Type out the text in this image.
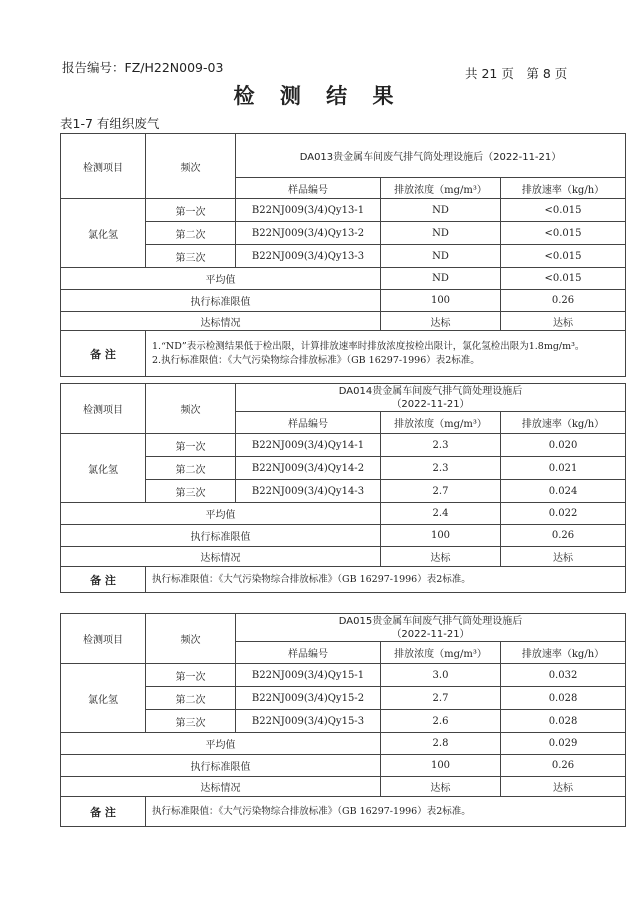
报告编号：FZ/H22N009-03	共 21 页　第 8 页
检 测 结 果
表1-7 有组织废气
检测项目	频次	DA013贵金属车间废气排气筒处理设施后（2022-11-21）		
		样品编号	排放浓度（mg/m³）	排放速率（kg/h）
氯化氢	第一次	B22NJ009(3/4)Qy13-1	ND	<0.015
	第二次	B22NJ009(3/4)Qy13-2	ND	<0.015
	第三次	B22NJ009(3/4)Qy13-3	ND	<0.015
平均值			ND	<0.015
执行标准限值			100	0.26
达标情况			达标	达标
备 注	1.“ND”表示检测结果低于检出限，计算排放速率时排放浓度按检出限计，氯化氢检出限为1.8mg/m³。
2.执行标准限值：《大气污染物综合排放标准》（GB 16297-1996）表2标准。			
检测项目	频次	DA014贵金属车间废气排气筒处理设施后
（2022-11-21）		

		样品编号	排放浓度（mg/m³）	排放速率（kg/h）
氯化氢	第一次	B22NJ009(3/4)Qy14-1	2.3	0.020
	第二次	B22NJ009(3/4)Qy14-2	2.3	0.021
	第三次	B22NJ009(3/4)Qy14-3	2.7	0.024
平均值			2.4	0.022
执行标准限值			100	0.26
达标情况			达标	达标
备 注	执行标准限值：《大气污染物综合排放标准》（GB 16297-1996）表2标准。			
检测项目	频次	DA015贵金属车间废气排气筒处理设施后
（2022-11-21）		

		样品编号	排放浓度（mg/m³）	排放速率（kg/h）
氯化氢	第一次	B22NJ009(3/4)Qy15-1	3.0	0.032
	第二次	B22NJ009(3/4)Qy15-2	2.7	0.028
	第三次	B22NJ009(3/4)Qy15-3	2.6	0.028
平均值			2.8	0.029
执行标准限值			100	0.26
达标情况			达标	达标
备 注	执行标准限值：《大气污染物综合排放标准》（GB 16297-1996）表2标准。			
